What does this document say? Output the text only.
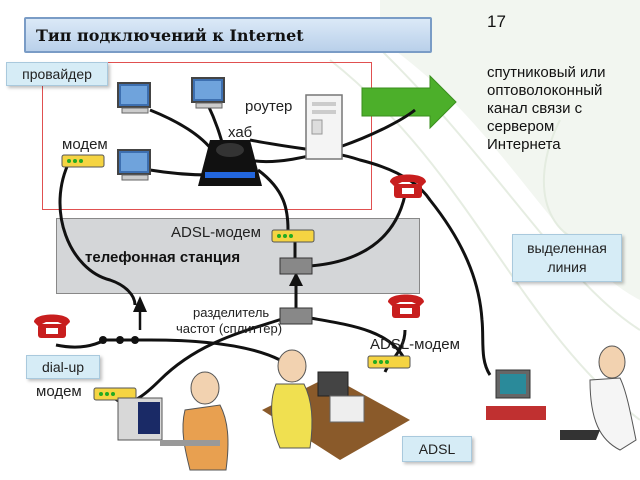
Тип подключений к Internet
17
провайдер
телефонная станция
роутер
хаб
модем
ADSL-модем
разделитель
частот (сплиттер)
ADSL-модем
модем
dial-up
ADSL
выделенная
линия
спутниковый или
оптоволоконный
канал связи с
сервером
Интернета
